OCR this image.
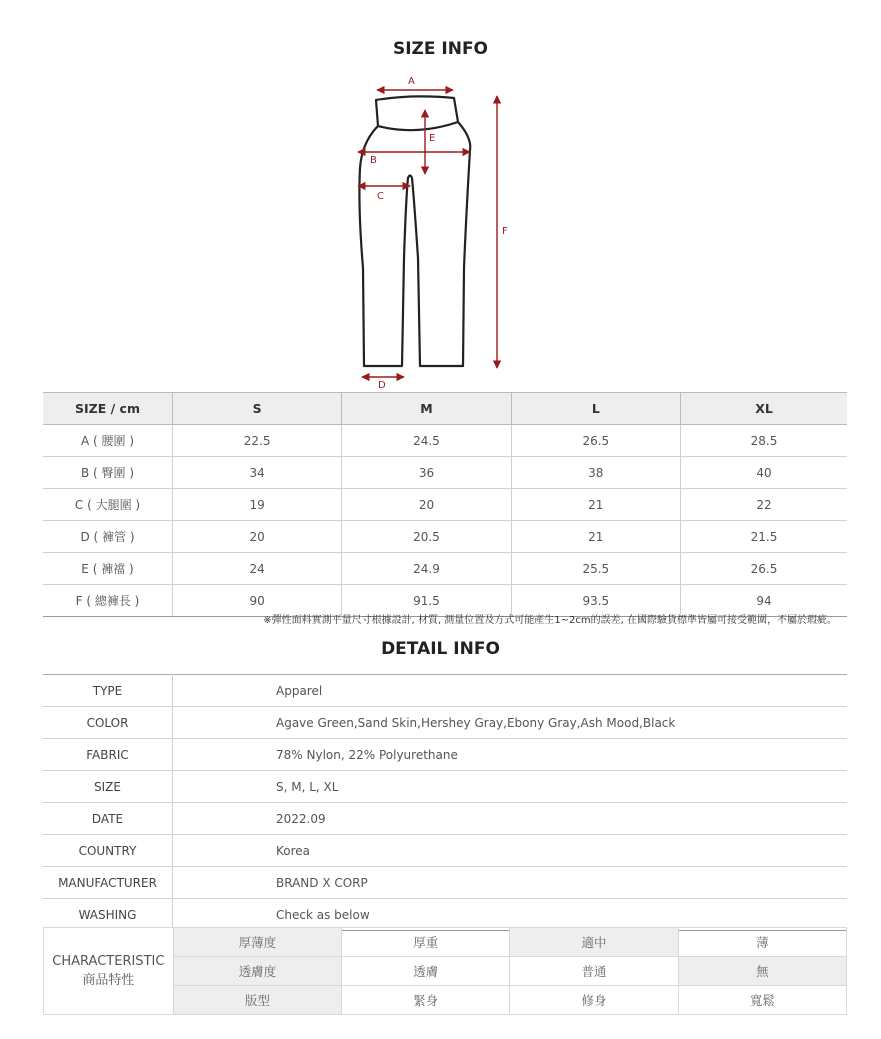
SIZE INFO
A
B
C
D
E
F
SIZE / cm	S	M	L	XL
A ( 腰圍 )	22.5	24.5	26.5	28.5
B ( 臀圍 )	34	36	38	40
C ( 大腿圍 )	19	20	21	22
D ( 褲管 )	20	20.5	21	21.5
E ( 褲襠 )	24	24.9	25.5	26.5
F ( 總褲長 )	90	91.5	93.5	94
※彈性面料實測平量尺寸根據設計, 材質, 測量位置及方式可能產生1~2cm的誤差, 在國際驗貨標準皆屬可接受範圍，不屬於瑕疵。
DETAIL INFO
TYPE	Apparel
COLOR	Agave Green,Sand Skin,Hershey Gray,Ebony Gray,Ash Mood,Black
FABRIC	78% Nylon, 22% Polyurethane
SIZE	S, M, L, XL
DATE	2022.09
COUNTRY	Korea
MANUFACTURER	BRAND X CORP
WASHING	Check as below
CHARACTERISTIC
商品特性	厚薄度	厚重	適中	薄
	透膚度	透膚	普通	無
	版型	緊身	修身	寬鬆
